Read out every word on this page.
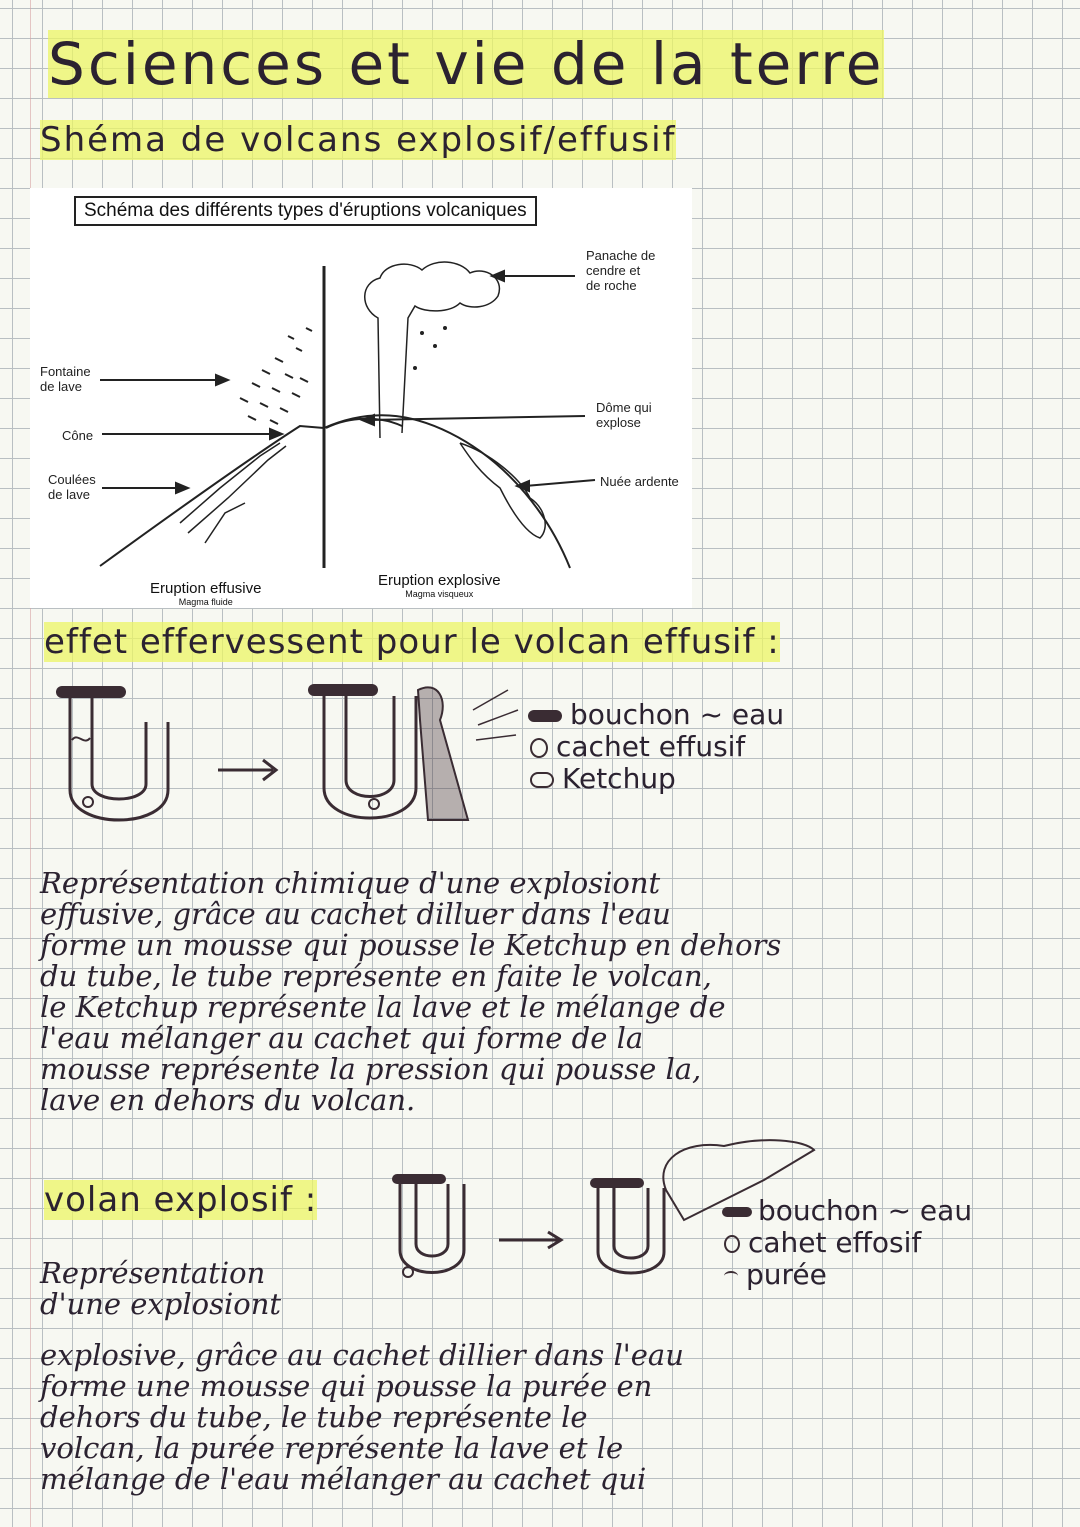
Sciences et vie de la terre
Shéma de volcans explosif/effusif
Schéma des différents types d'éruptions volcaniques
Fontaine
de lave
Cône
Coulées
de lave
Panache de
cendre et
de roche
Dôme qui
explose
Nuée ardente
Eruption effusive
Magma fluide
Eruption explosive
Magma visqueux
effet effervessent pour le volcan effusif :
bouchon ~ eau
cachet effusif
Ketchup
Représentation chimique d'une explosiont
effusive, grâce au cachet dilluer dans l'eau
forme un mousse qui pousse le Ketchup en dehors
du tube, le tube représente en faite le volcan,
le Ketchup représente la lave et le mélange de
l'eau mélanger au cachet qui forme de la
mousse représente la pression qui pousse la,
lave en dehors du volcan.
volan explosif :	bouchon ~ eau
cahet effosif
purée
Représentation
d'une explosiont
explosive, grâce au cachet dillier dans l'eau
forme une mousse qui pousse la purée en
dehors du tube, le tube représente le
volcan, la purée représente la lave et le
mélange de l'eau mélanger au cachet qui
